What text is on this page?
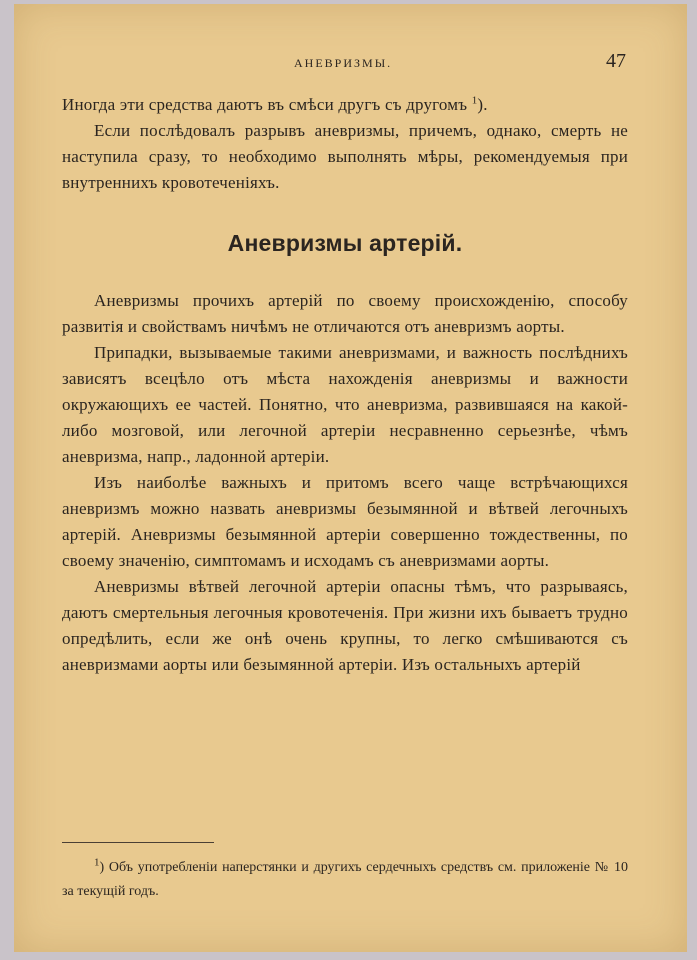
АНЕВРИЗМЫ.	47

Иногда эти средства даютъ въ смѣси другъ съ другомъ $^1$).

Если послѣдовалъ разрывъ аневризмы, причемъ, однако, смерть не наступила сразу, то необходимо выполнять мѣры, рекомендуемыя при внутреннихъ кровотеченіяхъ.

Аневризмы артерій.

Аневризмы прочихъ артерій по своему происхожденію, способу развитія и свойствамъ ничѣмъ не отличаются отъ аневризмъ аорты.

Припадки, вызываемые такими аневризмами, и важность послѣднихъ зависятъ всецѣло отъ мѣста нахожденія аневризмы и важности окружающихъ ее частей. Понятно, что аневризма, развившаяся на какой-либо мозговой, или легочной артеріи несравненно серьезнѣе, чѣмъ аневризма, напр., ладонной артеріи.

Изъ наиболѣе важныхъ и притомъ всего чаще встрѣчающихся аневризмъ можно назвать аневризмы безымянной и вѣтвей легочныхъ артерій. Аневризмы безымянной артеріи совершенно тождественны, по своему значенію, симптомамъ и исходамъ съ аневризмами аорты.

Аневризмы вѣтвей легочной артеріи опасны тѣмъ, что разрываясь, даютъ смертельныя легочныя кровотеченія. При жизни ихъ бываетъ трудно опредѣлить, если же онѣ очень крупны, то легко смѣшиваются съ аневризмами аорты или безымянной артеріи. Изъ остальныхъ артерій

$^1$) Объ употребленіи наперстянки и другихъ сердечныхъ средствъ см. приложеніе № 10 за текущій годъ.
